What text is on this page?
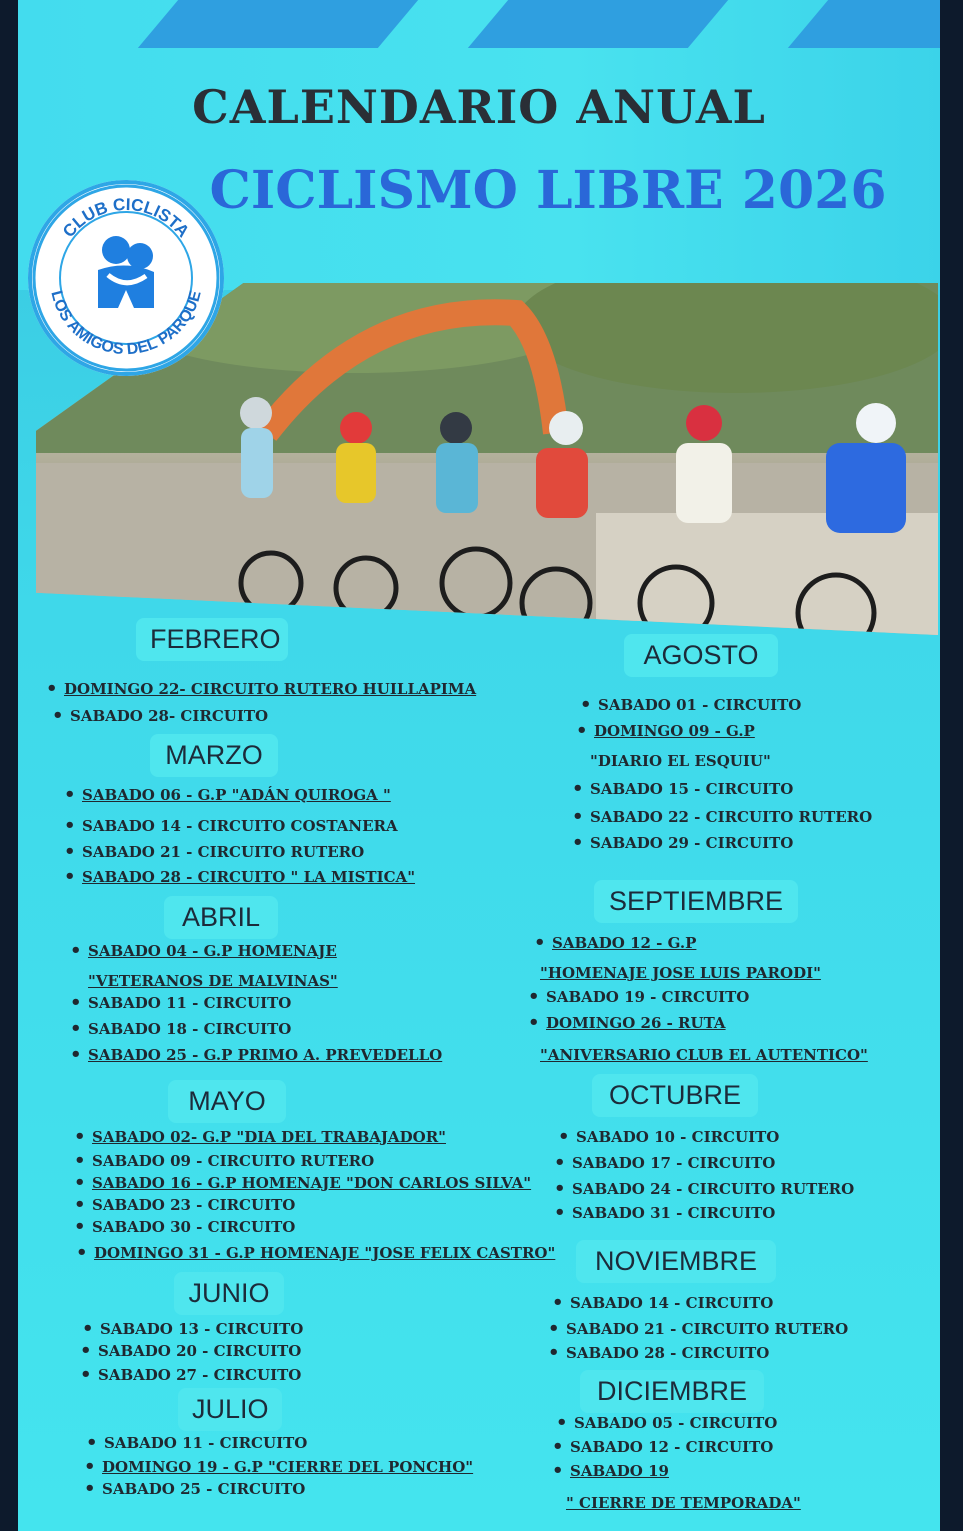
CALENDARIO ANUAL
CICLISMO LIBRE 2026
CLUB CICLISTA
LOS AMIGOS DEL PARQUE
FEBRERO
• DOMINGO 22- CIRCUITO RUTERO HUILLAPIMA
• SABADO 28- CIRCUITO
MARZO
• SABADO 06 - G.P "ADÁN QUIROGA "
• SABADO 14 - CIRCUITO COSTANERA
• SABADO 21 - CIRCUITO RUTERO
• SABADO 28 - CIRCUITO " LA MISTICA"
ABRIL
• SABADO 04 - G.P HOMENAJE
"VETERANOS DE MALVINAS"
• SABADO 11 - CIRCUITO
• SABADO 18 - CIRCUITO
• SABADO 25 - G.P PRIMO A. PREVEDELLO
MAYO
• SABADO 02- G.P "DIA DEL TRABAJADOR"
• SABADO 09 - CIRCUITO RUTERO
• SABADO 16 - G.P HOMENAJE "DON CARLOS SILVA"
• SABADO 23 - CIRCUITO
• SABADO 30 - CIRCUITO
• DOMINGO 31 - G.P HOMENAJE "JOSE FELIX CASTRO"
JUNIO
• SABADO 13 - CIRCUITO
• SABADO 20 - CIRCUITO
• SABADO 27 - CIRCUITO
JULIO
• SABADO 11 - CIRCUITO
• DOMINGO 19 - G.P "CIERRE DEL PONCHO"
• SABADO 25 - CIRCUITO
AGOSTO
• SABADO 01 - CIRCUITO
• DOMINGO 09 - G.P
"DIARIO EL ESQUIU"
• SABADO 15 - CIRCUITO
• SABADO 22 - CIRCUITO RUTERO
• SABADO 29 - CIRCUITO
SEPTIEMBRE
• SABADO 12 - G.P
"HOMENAJE JOSE LUIS PARODI"
• SABADO 19 - CIRCUITO
• DOMINGO 26 - RUTA
"ANIVERSARIO CLUB EL AUTENTICO"
OCTUBRE
• SABADO 10 - CIRCUITO
• SABADO 17 - CIRCUITO
• SABADO 24 - CIRCUITO RUTERO
• SABADO 31 - CIRCUITO
NOVIEMBRE
• SABADO 14 - CIRCUITO
• SABADO 21 - CIRCUITO RUTERO
• SABADO 28 - CIRCUITO
DICIEMBRE
• SABADO 05 - CIRCUITO
• SABADO 12 - CIRCUITO
• SABADO 19
" CIERRE DE TEMPORADA"
